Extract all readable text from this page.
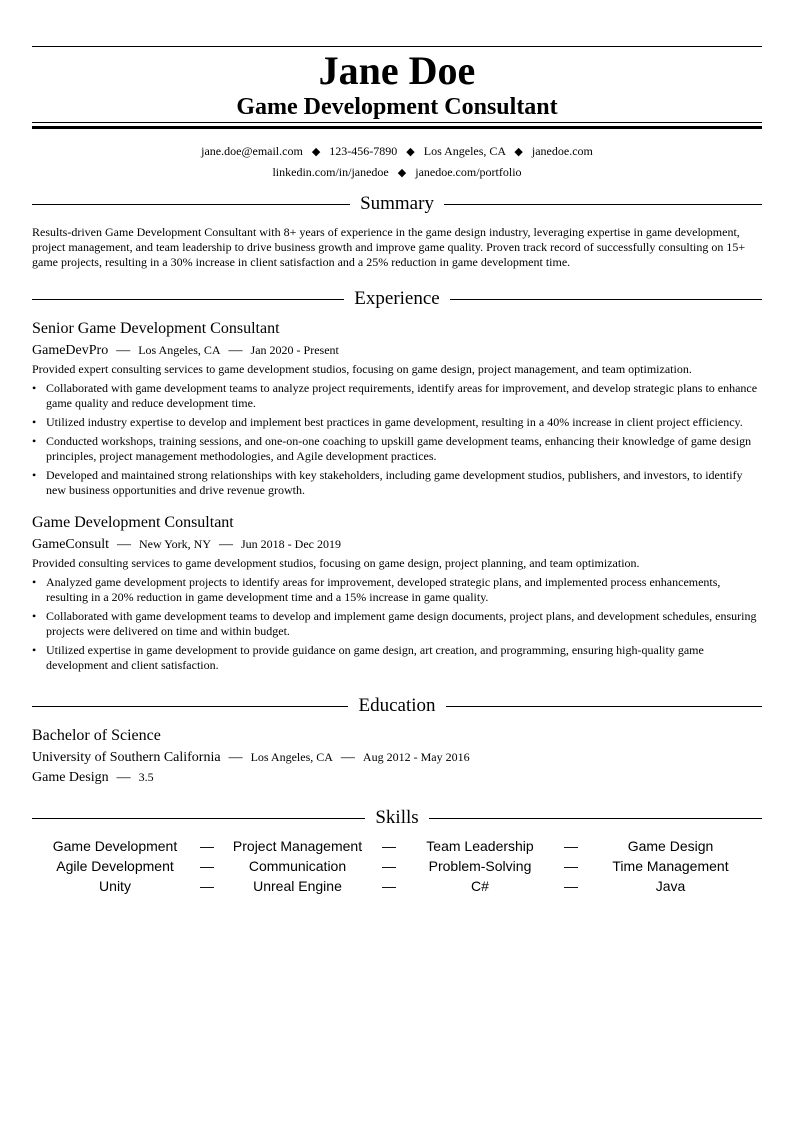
Jane Doe
Game Development Consultant
jane.doe@email.com ◆ 123-456-7890 ◆ Los Angeles, CA ◆ janedoe.com
linkedin.com/in/janedoe ◆ janedoe.com/portfolio
Summary
Results-driven Game Development Consultant with 8+ years of experience in the game design industry, leveraging expertise in game development, project management, and team leadership to drive business growth and improve game quality. Proven track record of successfully consulting on 15+ game projects, resulting in a 30% increase in client satisfaction and a 25% reduction in game development time.
Experience
Senior Game Development Consultant
GameDevPro — Los Angeles, CA — Jan 2020 - Present
Provided expert consulting services to game development studios, focusing on game design, project management, and team optimization.
• Collaborated with game development teams to analyze project requirements, identify areas for improvement, and develop strategic plans to enhance game quality and reduce development time.
• Utilized industry expertise to develop and implement best practices in game development, resulting in a 40% increase in client project efficiency.
• Conducted workshops, training sessions, and one-on-one coaching to upskill game development teams, enhancing their knowledge of game design principles, project management methodologies, and Agile development practices.
• Developed and maintained strong relationships with key stakeholders, including game development studios, publishers, and investors, to identify new business opportunities and drive revenue growth.
Game Development Consultant
GameConsult — New York, NY — Jun 2018 - Dec 2019
Provided consulting services to game development studios, focusing on game design, project planning, and team optimization.
• Analyzed game development projects to identify areas for improvement, developed strategic plans, and implemented process enhancements, resulting in a 20% reduction in game development time and a 15% increase in game quality.
• Collaborated with game development teams to develop and implement game design documents, project plans, and development schedules, ensuring projects were delivered on time and within budget.
• Utilized expertise in game development to provide guidance on game design, art creation, and programming, ensuring high-quality game development and client satisfaction.
Education
Bachelor of Science
University of Southern California — Los Angeles, CA — Aug 2012 - May 2016
Game Design — 3.5
Skills
Game Development	—	Project Management	—	Team Leadership	—	Game Design
Agile Development	—	Communication	—	Problem-Solving	—	Time Management
Unity	—	Unreal Engine	—	C#	—	Java
